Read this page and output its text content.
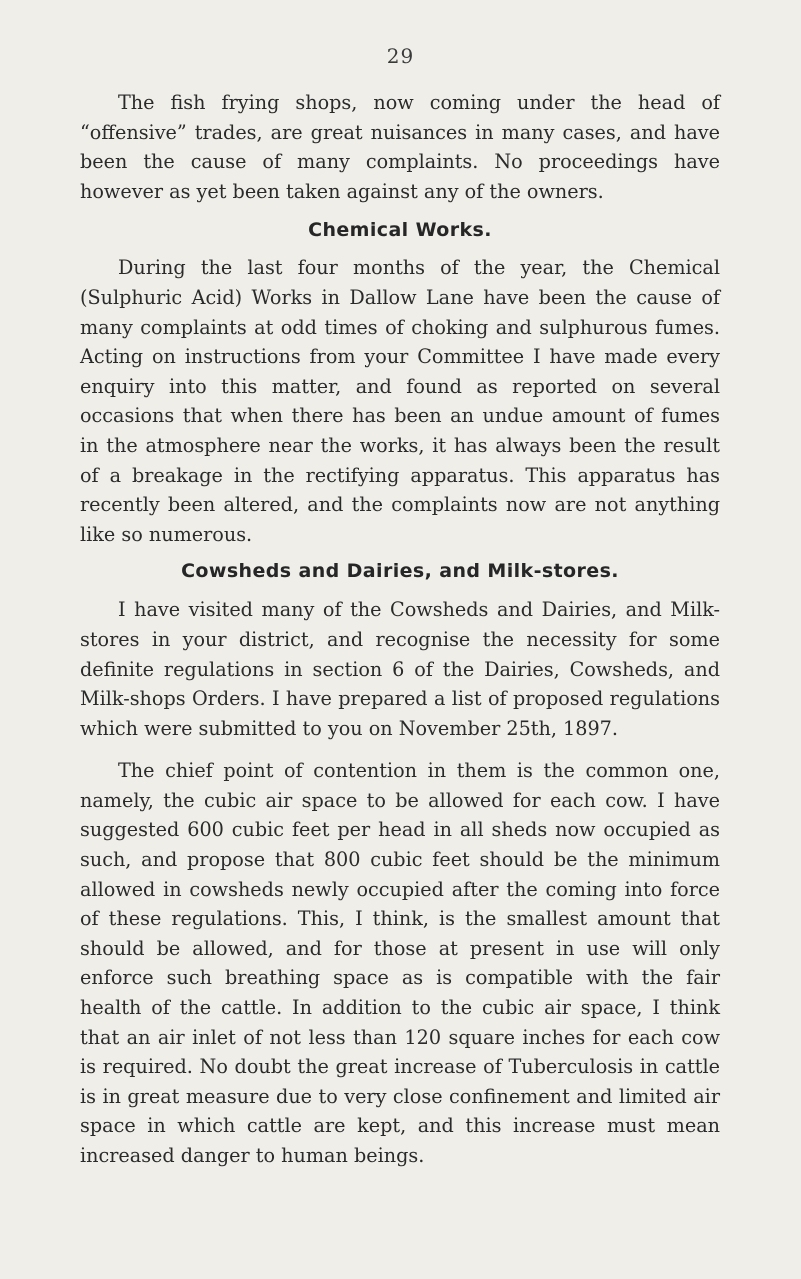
29

The fish frying shops, now coming under the head of “offensive” trades, are great nuisances in many cases, and have been the cause of many complaints. No proceedings have however as yet been taken against any of the owners.

Chemical Works.

During the last four months of the year, the Chemical (Sulphuric Acid) Works in Dallow Lane have been the cause of many complaints at odd times of choking and sulphurous fumes. Acting on instructions from your Committee I have made every enquiry into this matter, and found as reported on several occasions that when there has been an undue amount of fumes in the atmosphere near the works, it has always been the result of a breakage in the rectifying apparatus. This apparatus has recently been altered, and the complaints now are not anything like so numerous.

Cowsheds and Dairies, and Milk-stores.

I have visited many of the Cowsheds and Dairies, and Milk-stores in your district, and recognise the necessity for some definite regulations in section 6 of the Dairies, Cowsheds, and Milk-shops Orders. I have prepared a list of proposed regulations which were submitted to you on November 25th, 1897.

The chief point of contention in them is the common one, namely, the cubic air space to be allowed for each cow. I have suggested 600 cubic feet per head in all sheds now occupied as such, and propose that 800 cubic feet should be the minimum allowed in cowsheds newly occupied after the coming into force of these regulations. This, I think, is the smallest amount that should be allowed, and for those at present in use will only enforce such breathing space as is compatible with the fair health of the cattle. In addition to the cubic air space, I think that an air inlet of not less than 120 square inches for each cow is required. No doubt the great increase of Tuberculosis in cattle is in great measure due to very close confinement and limited air space in which cattle are kept, and this increase must mean increased danger to human beings.
